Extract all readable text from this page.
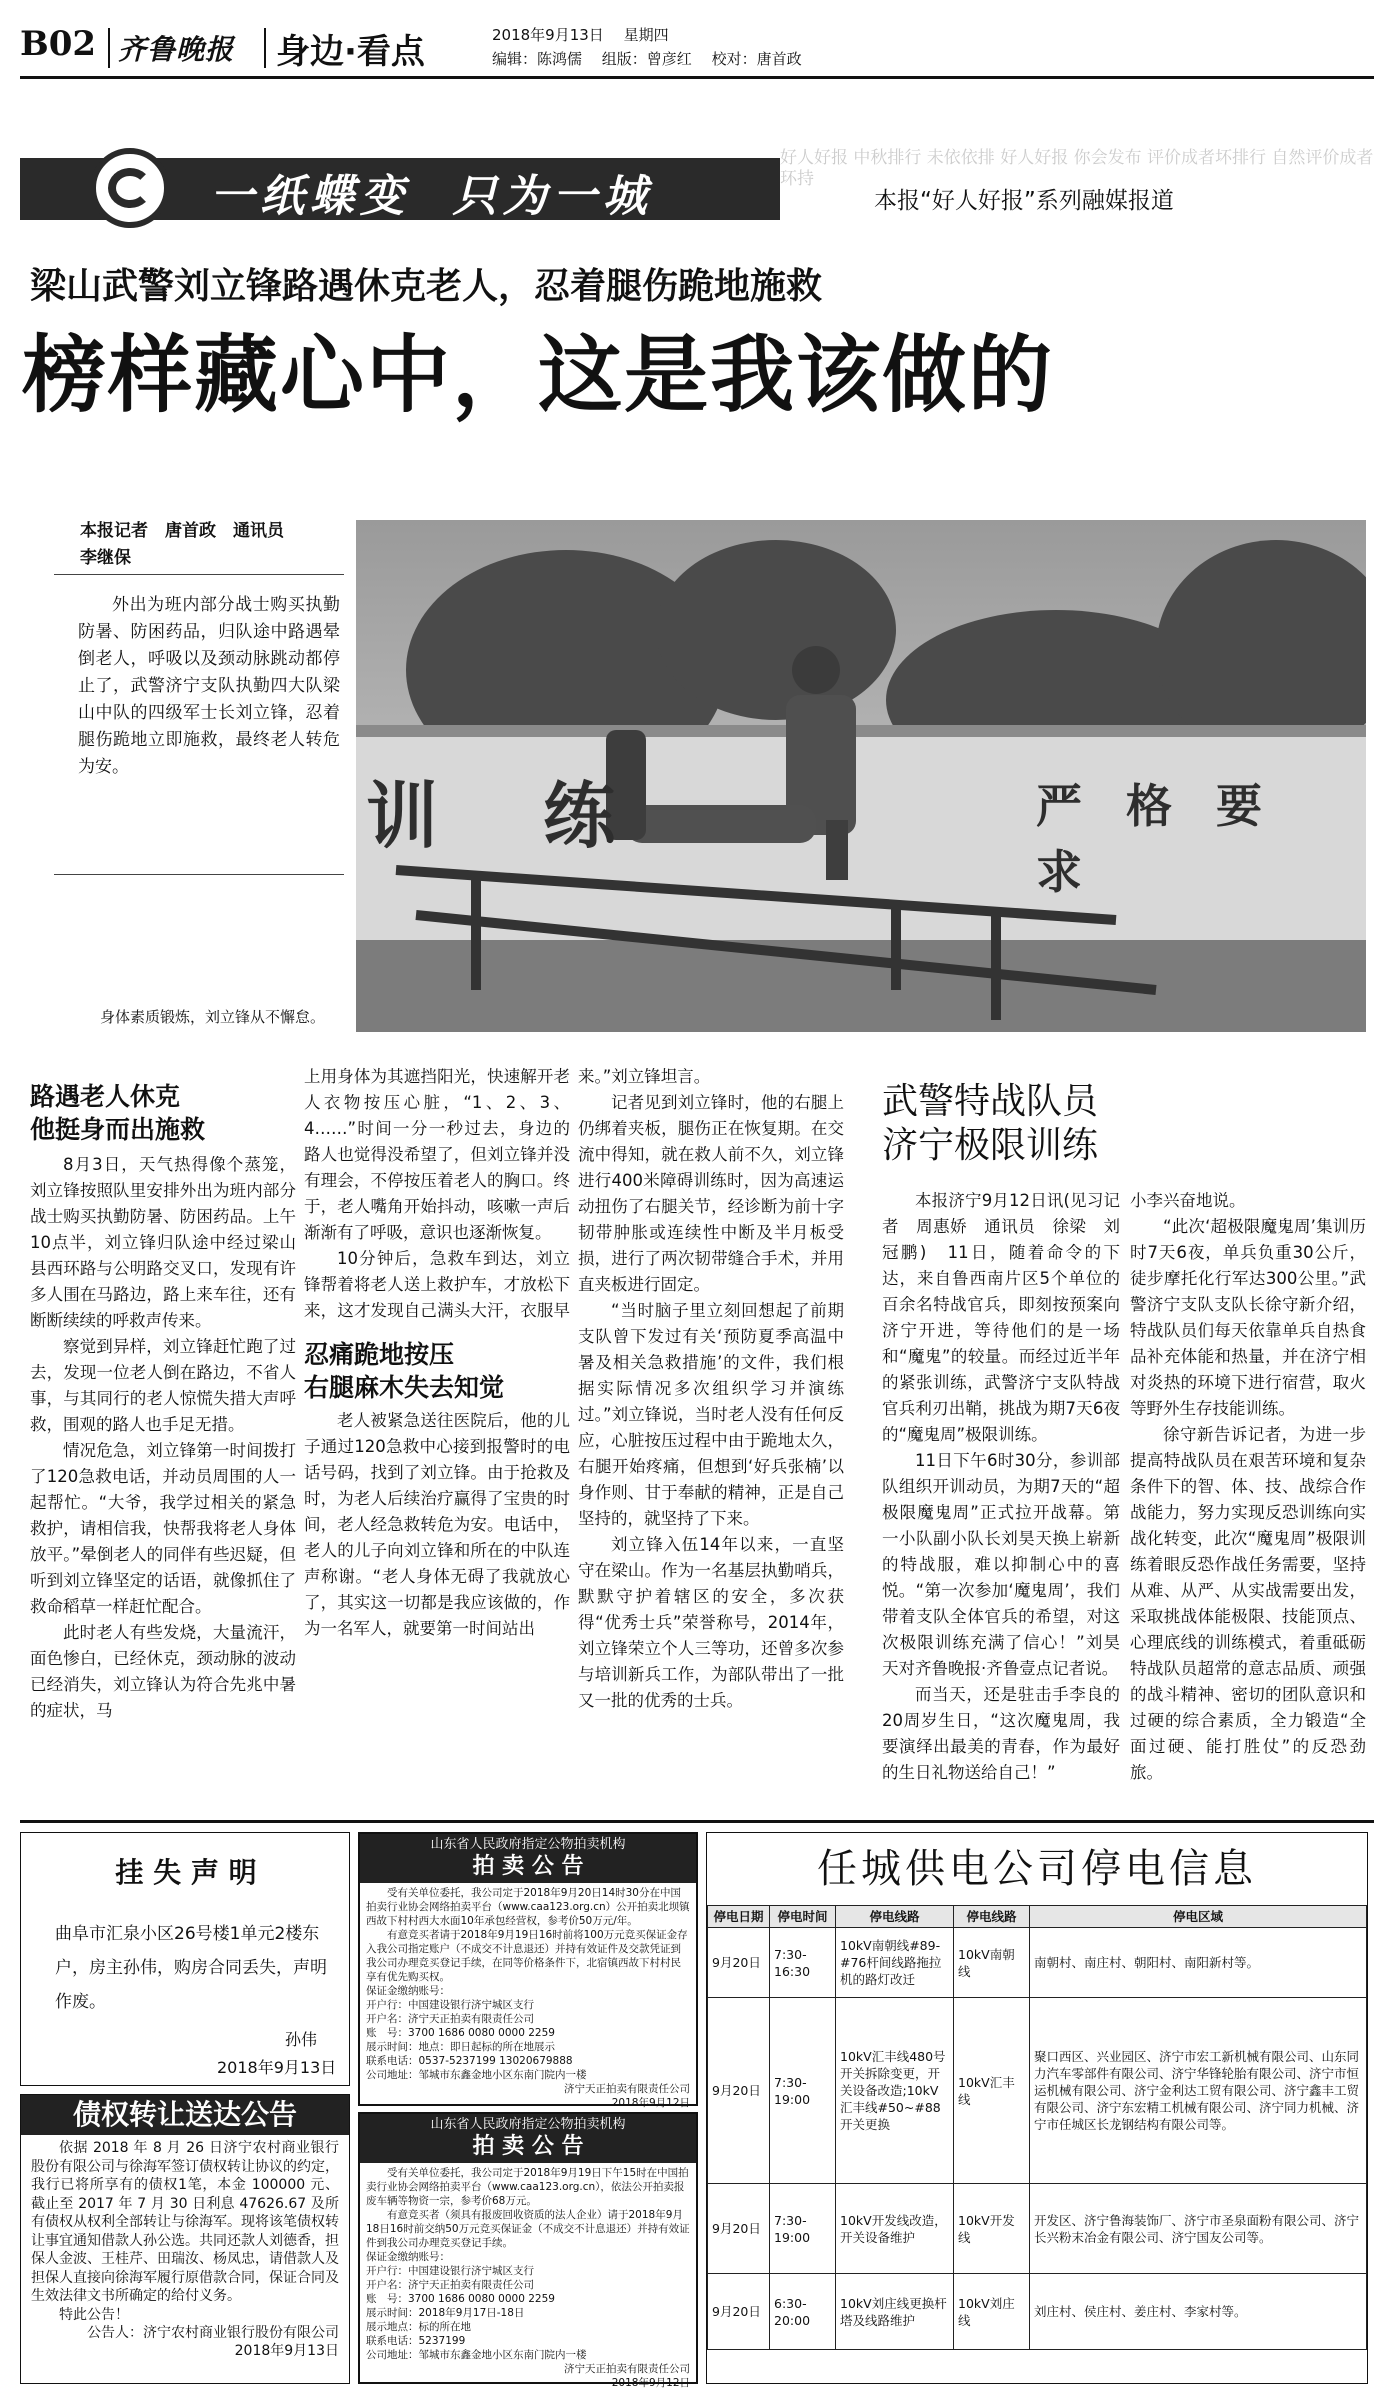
B02 齐鲁晚报 身边·看点	2018年9月13日　 星期四
编辑：陈鸿儒　 组版：曾彦红　 校对：唐首政
一纸蝶变  只为一城
好人好报 中秋排行 未依依排 好人好报 你会发布 评价成者坏排行 自然评价成者环持
本报“好人好报”系列融媒报道
梁山武警刘立锋路遇休克老人，忍着腿伤跪地施救
榜样藏心中，这是我该做的
本报记者　唐首政　通讯员
李继保

外出为班内部分战士购买执勤防暑、防困药品，归队途中路遇晕倒老人，呼吸以及颈动脉跳动都停止了，武警济宁支队执勤四大队梁山中队的四级军士长刘立锋，忍着腿伤跪地立即施救，最终老人转危为安。

训 练	严 格 要 求
身体素质锻炼，刘立锋从不懈怠。
路遇老人休克
他挺身而出施救

8月3日，天气热得像个蒸笼，刘立锋按照队里安排外出为班内部分战士购买执勤防暑、防困药品。上午10点半，刘立锋归队途中经过梁山县西环路与公明路交叉口，发现有许多人围在马路边，路上来车往，还有断断续续的呼救声传来。

察觉到异样，刘立锋赶忙跑了过去，发现一位老人倒在路边，不省人事，与其同行的老人惊慌失措大声呼救，围观的路人也手足无措。

情况危急，刘立锋第一时间拨打了120急救电话，并动员周围的人一起帮忙。“大爷，我学过相关的紧急救护，请相信我，快帮我将老人身体放平。”晕倒老人的同伴有些迟疑，但听到刘立锋坚定的话语，就像抓住了救命稻草一样赶忙配合。

此时老人有些发烧，大量流汗，面色惨白，已经休克，颈动脉的波动已经消失，刘立锋认为符合先兆中暑的症状，马

上用身体为其遮挡阳光，快速解开老人衣物按压心脏，“1、2、3、4……”时间一分一秒过去，身边的路人也觉得没希望了，但刘立锋并没有理会，不停按压着老人的胸口。终于，老人嘴角开始抖动，咳嗽一声后渐渐有了呼吸，意识也逐渐恢复。

10分钟后，急救车到达，刘立锋帮着将老人送上救护车，才放松下来，这才发现自己满头大汗，衣服早

忍痛跪地按压
右腿麻木失去知觉

老人被紧急送往医院后，他的儿子通过120急救中心接到报警时的电话号码，找到了刘立锋。由于抢救及时，为老人后续治疗赢得了宝贵的时间，老人经急救转危为安。电话中，老人的儿子向刘立锋和所在的中队连声称谢。“老人身体无碍了我就放心了，其实这一切都是我应该做的，作为一名军人，就要第一时间站出

来。”刘立锋坦言。

记者见到刘立锋时，他的右腿上仍绑着夹板，腿伤正在恢复期。在交流中得知，就在救人前不久，刘立锋进行400米障碍训练时，因为高速运动扭伤了右腿关节，经诊断为前十字韧带肿胀或连续性中断及半月板受损，进行了两次韧带缝合手术，并用直夹板进行固定。

“当时脑子里立刻回想起了前期支队曾下发过有关‘预防夏季高温中暑及相关急救措施’的文件，我们根据实际情况多次组织学习并演练过。”刘立锋说，当时老人没有任何反应，心脏按压过程中由于跪地太久，右腿开始疼痛，但想到‘好兵张楠’以身作则、甘于奉献的精神，正是自己坚持的，就坚持了下来。

刘立锋入伍14年以来，一直坚守在梁山。作为一名基层执勤哨兵，默默守护着辖区的安全，多次获得“优秀士兵”荣誉称号，2014年，刘立锋荣立个人三等功，还曾多次参与培训新兵工作，为部队带出了一批又一批的优秀的士兵。

武警特战队员
济宁极限训练

本报济宁9月12日讯(见习记者　周惠娇　通讯员　徐梁　刘冠鹏)　11日，随着命令的下达，来自鲁西南片区5个单位的百余名特战官兵，即刻按预案向济宁开进，等待他们的是一场和“魔鬼”的较量。而经过近半年的紧张训练，武警济宁支队特战官兵利刃出鞘，挑战为期7天6夜的“魔鬼周”极限训练。

11日下午6时30分，参训部队组织开训动员，为期7天的“超极限魔鬼周”正式拉开战幕。第一小队副小队长刘昊天换上崭新的特战服，难以抑制心中的喜悦。“第一次参加‘魔鬼周’，我们带着支队全体官兵的希望，对这次极限训练充满了信心！”刘昊天对齐鲁晚报·齐鲁壹点记者说。

而当天，还是驻击手李良的20周岁生日，“这次魔鬼周，我要演绎出最美的青春，作为最好的生日礼物送给自己！”

小李兴奋地说。

“此次‘超极限魔鬼周’集训历时7天6夜，单兵负重30公斤，徒步摩托化行军达300公里。”武警济宁支队支队长徐守新介绍，特战队员们每天依靠单兵自热食品补充体能和热量，并在济宁相对炎热的环境下进行宿营，取火等野外生存技能训练。

徐守新告诉记者，为进一步提高特战队员在艰苦环境和复杂条件下的智、体、技、战综合作战能力，努力实现反恐训练向实战化转变，此次“魔鬼周”极限训练着眼反恐作战任务需要，坚持从难、从严、从实战需要出发，采取挑战体能极限、技能顶点、心理底线的训练模式，着重砥砺特战队员超常的意志品质、顽强的战斗精神、密切的团队意识和过硬的综合素质，全力锻造“全面过硬、能打胜仗”的反恐劲旅。

挂 失 声 明
曲阜市汇泉小区26号楼1单元2楼东户，房主孙伟，购房合同丢失，声明作废。
孙伟
2018年9月13日
债权转让送达公告
依据 2018 年 8 月 26 日济宁农村商业银行股份有限公司与徐海军签订债权转让协议的约定，我行已将所享有的债权1笔，本金 100000 元、截止至 2017 年 7 月 30 日利息 47626.67 及所有债权从权利全部转让与徐海军。现将该笔债权转让事宜通知借款人孙公选。共同还款人刘德香，担保人金波、王桂芹、田瑞汝、杨凤忠，请借款人及担保人直接向徐海军履行原借款合同，保证合同及生效法律文书所确定的给付义务。
特此公告！
公告人：济宁农村商业银行股份有限公司
2018年9月13日
山东省人民政府指定公物拍卖机构
拍 卖 公 告
受有关单位委托，我公司定于2018年9月20日14时30分在中国拍卖行业协会网络拍卖平台（www.caa123.org.cn）公开拍卖北坝镇西故下村村西大水面10年承包经营权，参考价50万元/年。
有意竞买者请于2018年9月19日16时前将100万元竞买保证金存入我公司指定账户（不成交不计息退还）并持有效证件及交款凭证到我公司办理竞买登记手续，在同等价格条件下，北宿镇西故下村村民享有优先购买权。
保证金缴纳账号：
开户行：中国建设银行济宁城区支行
开户名：济宁天正拍卖有限责任公司
账　号：3700 1686 0080 0000 2259
展示时间：地点：即日起标的所在地展示
联系电话：0537-5237199 13020679888
公司地址：邹城市东鑫金地小区东南门院内一楼
济宁天正拍卖有限责任公司
2018年9月12日
山东省人民政府指定公物拍卖机构
拍 卖 公 告
受有关单位委托，我公司定于2018年9月19日下午15时在中国拍卖行业协会网络拍卖平台（www.caa123.org.cn），依法公开拍卖报废车辆等物资一宗，参考价68万元。
有意竞买者（须具有报废回收资质的法人企业）请于2018年9月18日16时前交纳50万元竞买保证金（不成交不计息退还）并持有效证件到我公司办理竞买登记手续。
保证金缴纳账号：
开户行：中国建设银行济宁城区支行
开户名：济宁天正拍卖有限责任公司
账　号：3700 1686 0080 0000 2259
展示时间：2018年9月17日-18日
展示地点：标的所在地
联系电话：5237199
公司地址：邹城市东鑫金地小区东南门院内一楼
济宁天正拍卖有限责任公司
2018年9月12日
任城供电公司停电信息
停电日期	停电时间	停电线路	停电线路	停电区域
9月20日	7:30-16:30	10kV南朝线#89-#76杆间线路拖拉机的路灯改迁	10kV南朝线	南朝村、南庄村、朝阳村、南阳新村等。
9月20日	7:30-19:00	10kV汇丰线480号开关拆除变更，开关设备改造;10kV汇丰线#50~#88开关更换	10kV汇丰线	聚口西区、兴业园区、济宁市宏工新机械有限公司、山东同力汽车零部件有限公司、济宁华锋轮胎有限公司、济宁市恒运机械有限公司、济宁金利达工贸有限公司、济宁鑫丰工贸有限公司、济宁东宏精工机械有限公司、济宁同力机械、济宁市任城区长龙钢结构有限公司等。
9月20日	7:30-19:00	10kV开发线改造，开关设备维护	10kV开发线	开发区、济宁鲁海装饰厂、济宁市圣泉面粉有限公司、济宁长兴粉末冶金有限公司、济宁国友公司等。
9月20日	6:30-20:00	10kV刘庄线更换杆塔及线路维护	10kV刘庄线	刘庄村、侯庄村、姜庄村、李家村等。
